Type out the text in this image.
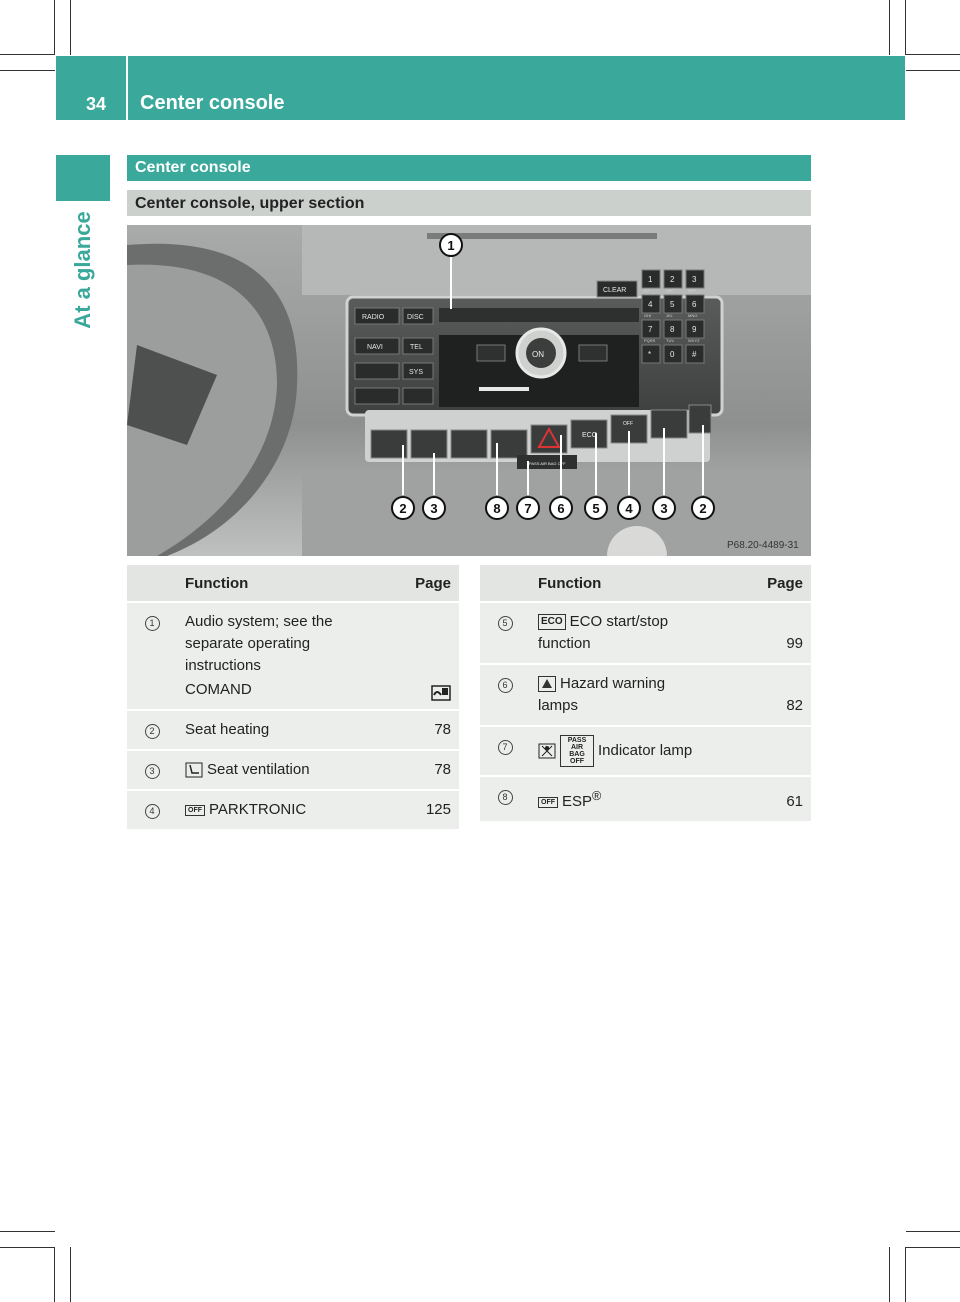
34 Center console
At a glance
Center console
Center console, upper section
RADIO	DISC
NAVI	TEL
SYS
CLEAR
ON
1 2 3
4 5 6
7 8 9
* 0 #
QZ	ABC	DEF
GHI	JKL	MNO
PQRS	TUV	WXYZ
ECO
OFF
PASS AIR BAG OFF
1
2 3	8 7 6 5 4 3 2
P68.20-4489-31
	Function	Page
1	Audio system; see the
separate operating
instructions
COMAND

2	Seat heating	78
3	Seat ventilation	78
4	OFF PARKTRONIC	125
	Function	Page
5	ECO ECO start/stop
function	99
6	Hazard warning
lamps	82
7	PASS AIR BAG OFFIndicator lamp	
8	OFF ESP®	61
